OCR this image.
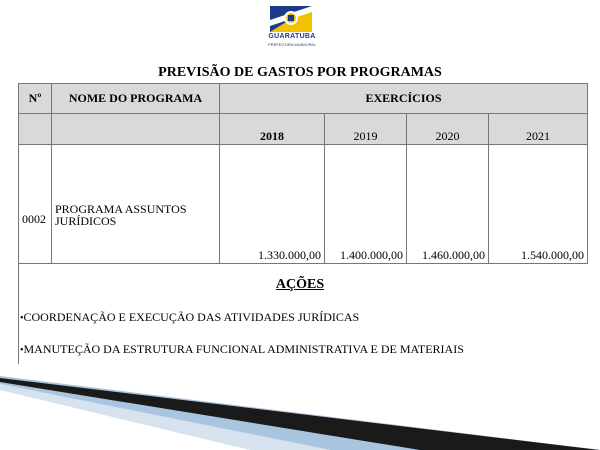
GUARATUBA
PREFEITURA MUNICIPAL
PREVISÃO DE GASTOS POR PROGRAMAS
Nº	NOME DO PROGRAMA	EXERCÍCIOS			
		2018	2019	2020	2021
0002	PROGRAMA ASSUNTOS JURÍDICOS	1.330.000,00	1.400.000,00	1.460.000,00	1.540.000,00
AÇÕES
•COORDENAÇÃO E EXECUÇÃO DAS ATIVIDADES JURÍDICAS
•MANUTEÇÃO DA ESTRUTURA FUNCIONAL ADMINISTRATIVA E DE MATERIAIS
